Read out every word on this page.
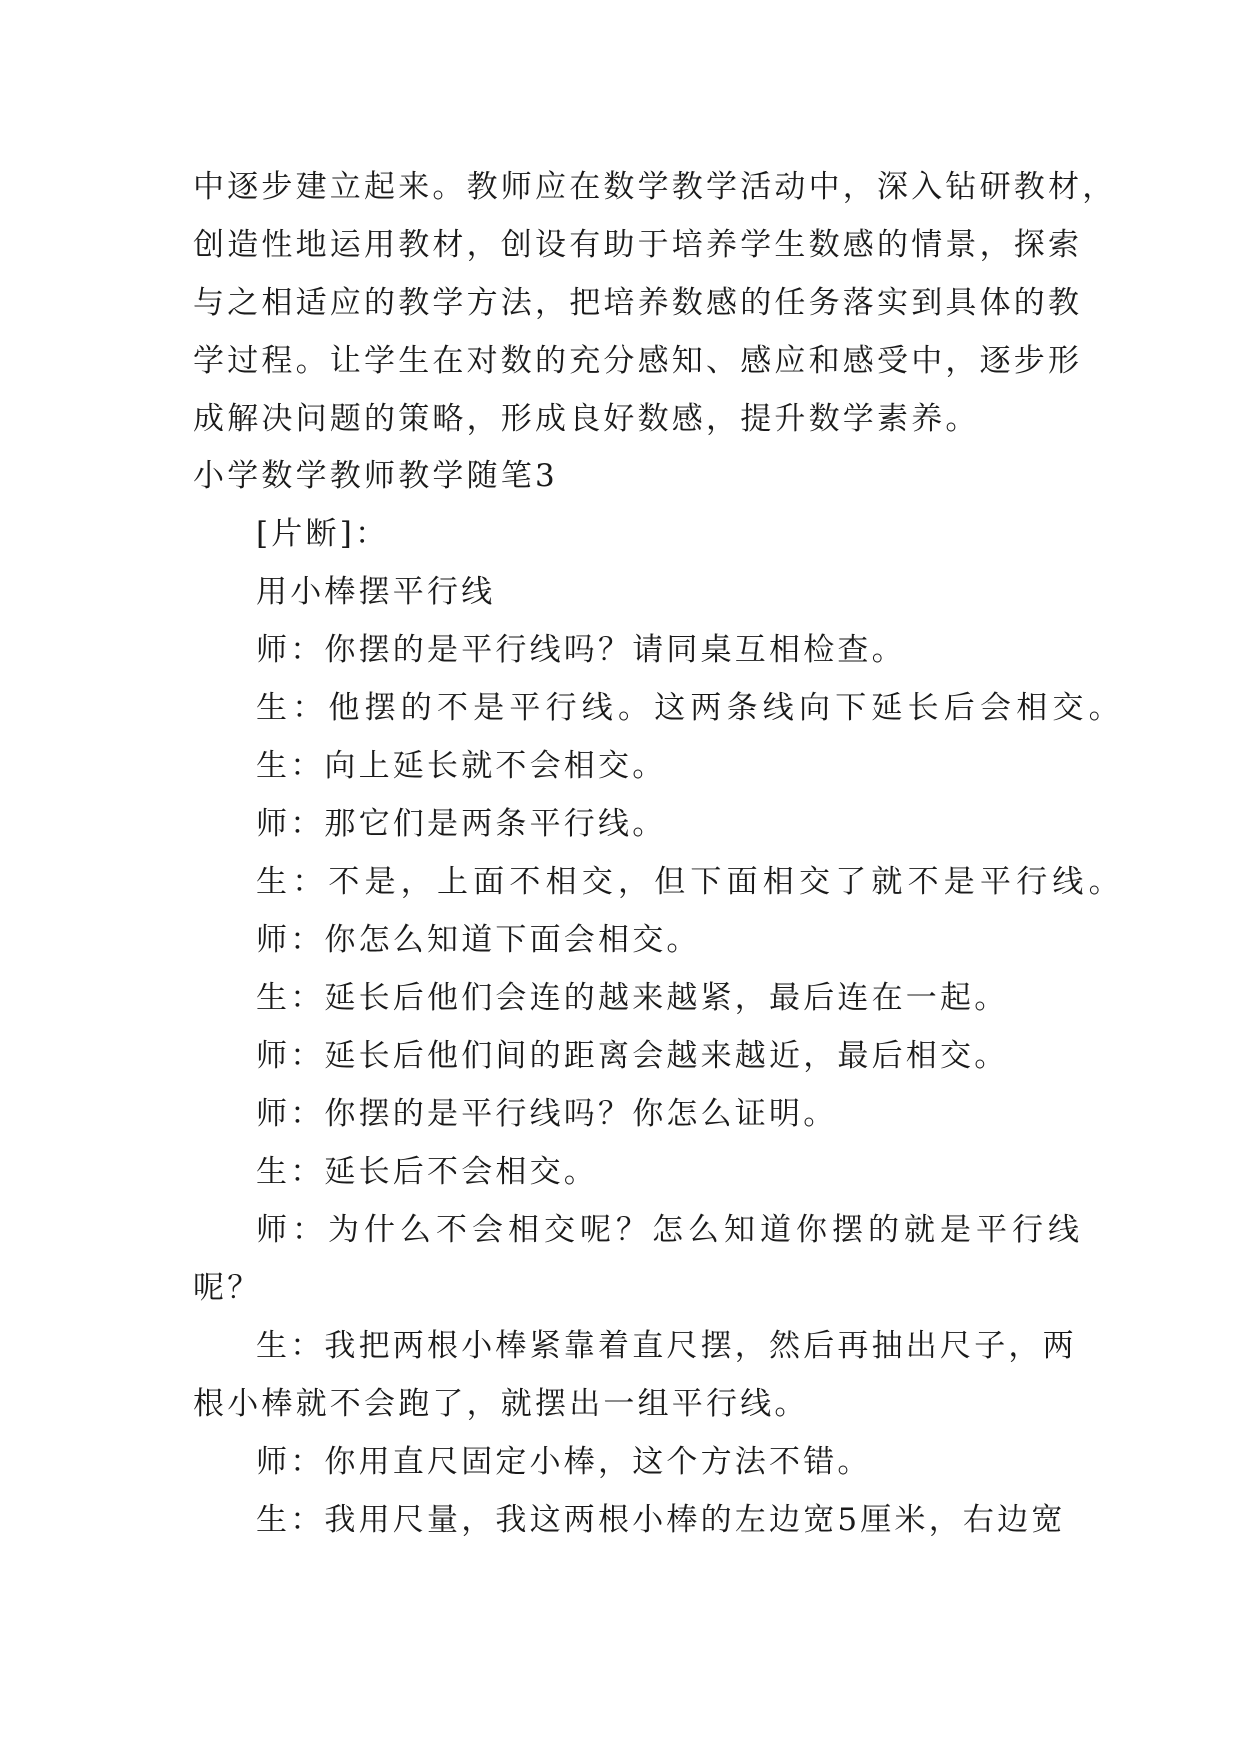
中逐步建立起来。教师应在数学教学活动中，深入钻研教材，
创造性地运用教材，创设有助于培养学生数感的情景，探索
与之相适应的教学方法，把培养数感的任务落实到具体的教
学过程。让学生在对数的充分感知、感应和感受中，逐步形
成解决问题的策略，形成良好数感，提升数学素养。
小学数学教师教学随笔3
[片断]：
用小棒摆平行线
师：你摆的是平行线吗？请同桌互相检查。
生：他摆的不是平行线。这两条线向下延长后会相交。
生：向上延长就不会相交。
师：那它们是两条平行线。
生：不是，上面不相交，但下面相交了就不是平行线。
师：你怎么知道下面会相交。
生：延长后他们会连的越来越紧，最后连在一起。
师：延长后他们间的距离会越来越近，最后相交。
师：你摆的是平行线吗？你怎么证明。
生：延长后不会相交。
师：为什么不会相交呢？怎么知道你摆的就是平行线
呢？
生：我把两根小棒紧靠着直尺摆，然后再抽出尺子，两
根小棒就不会跑了，就摆出一组平行线。
师：你用直尺固定小棒，这个方法不错。
生：我用尺量，我这两根小棒的左边宽5厘米，右边宽
